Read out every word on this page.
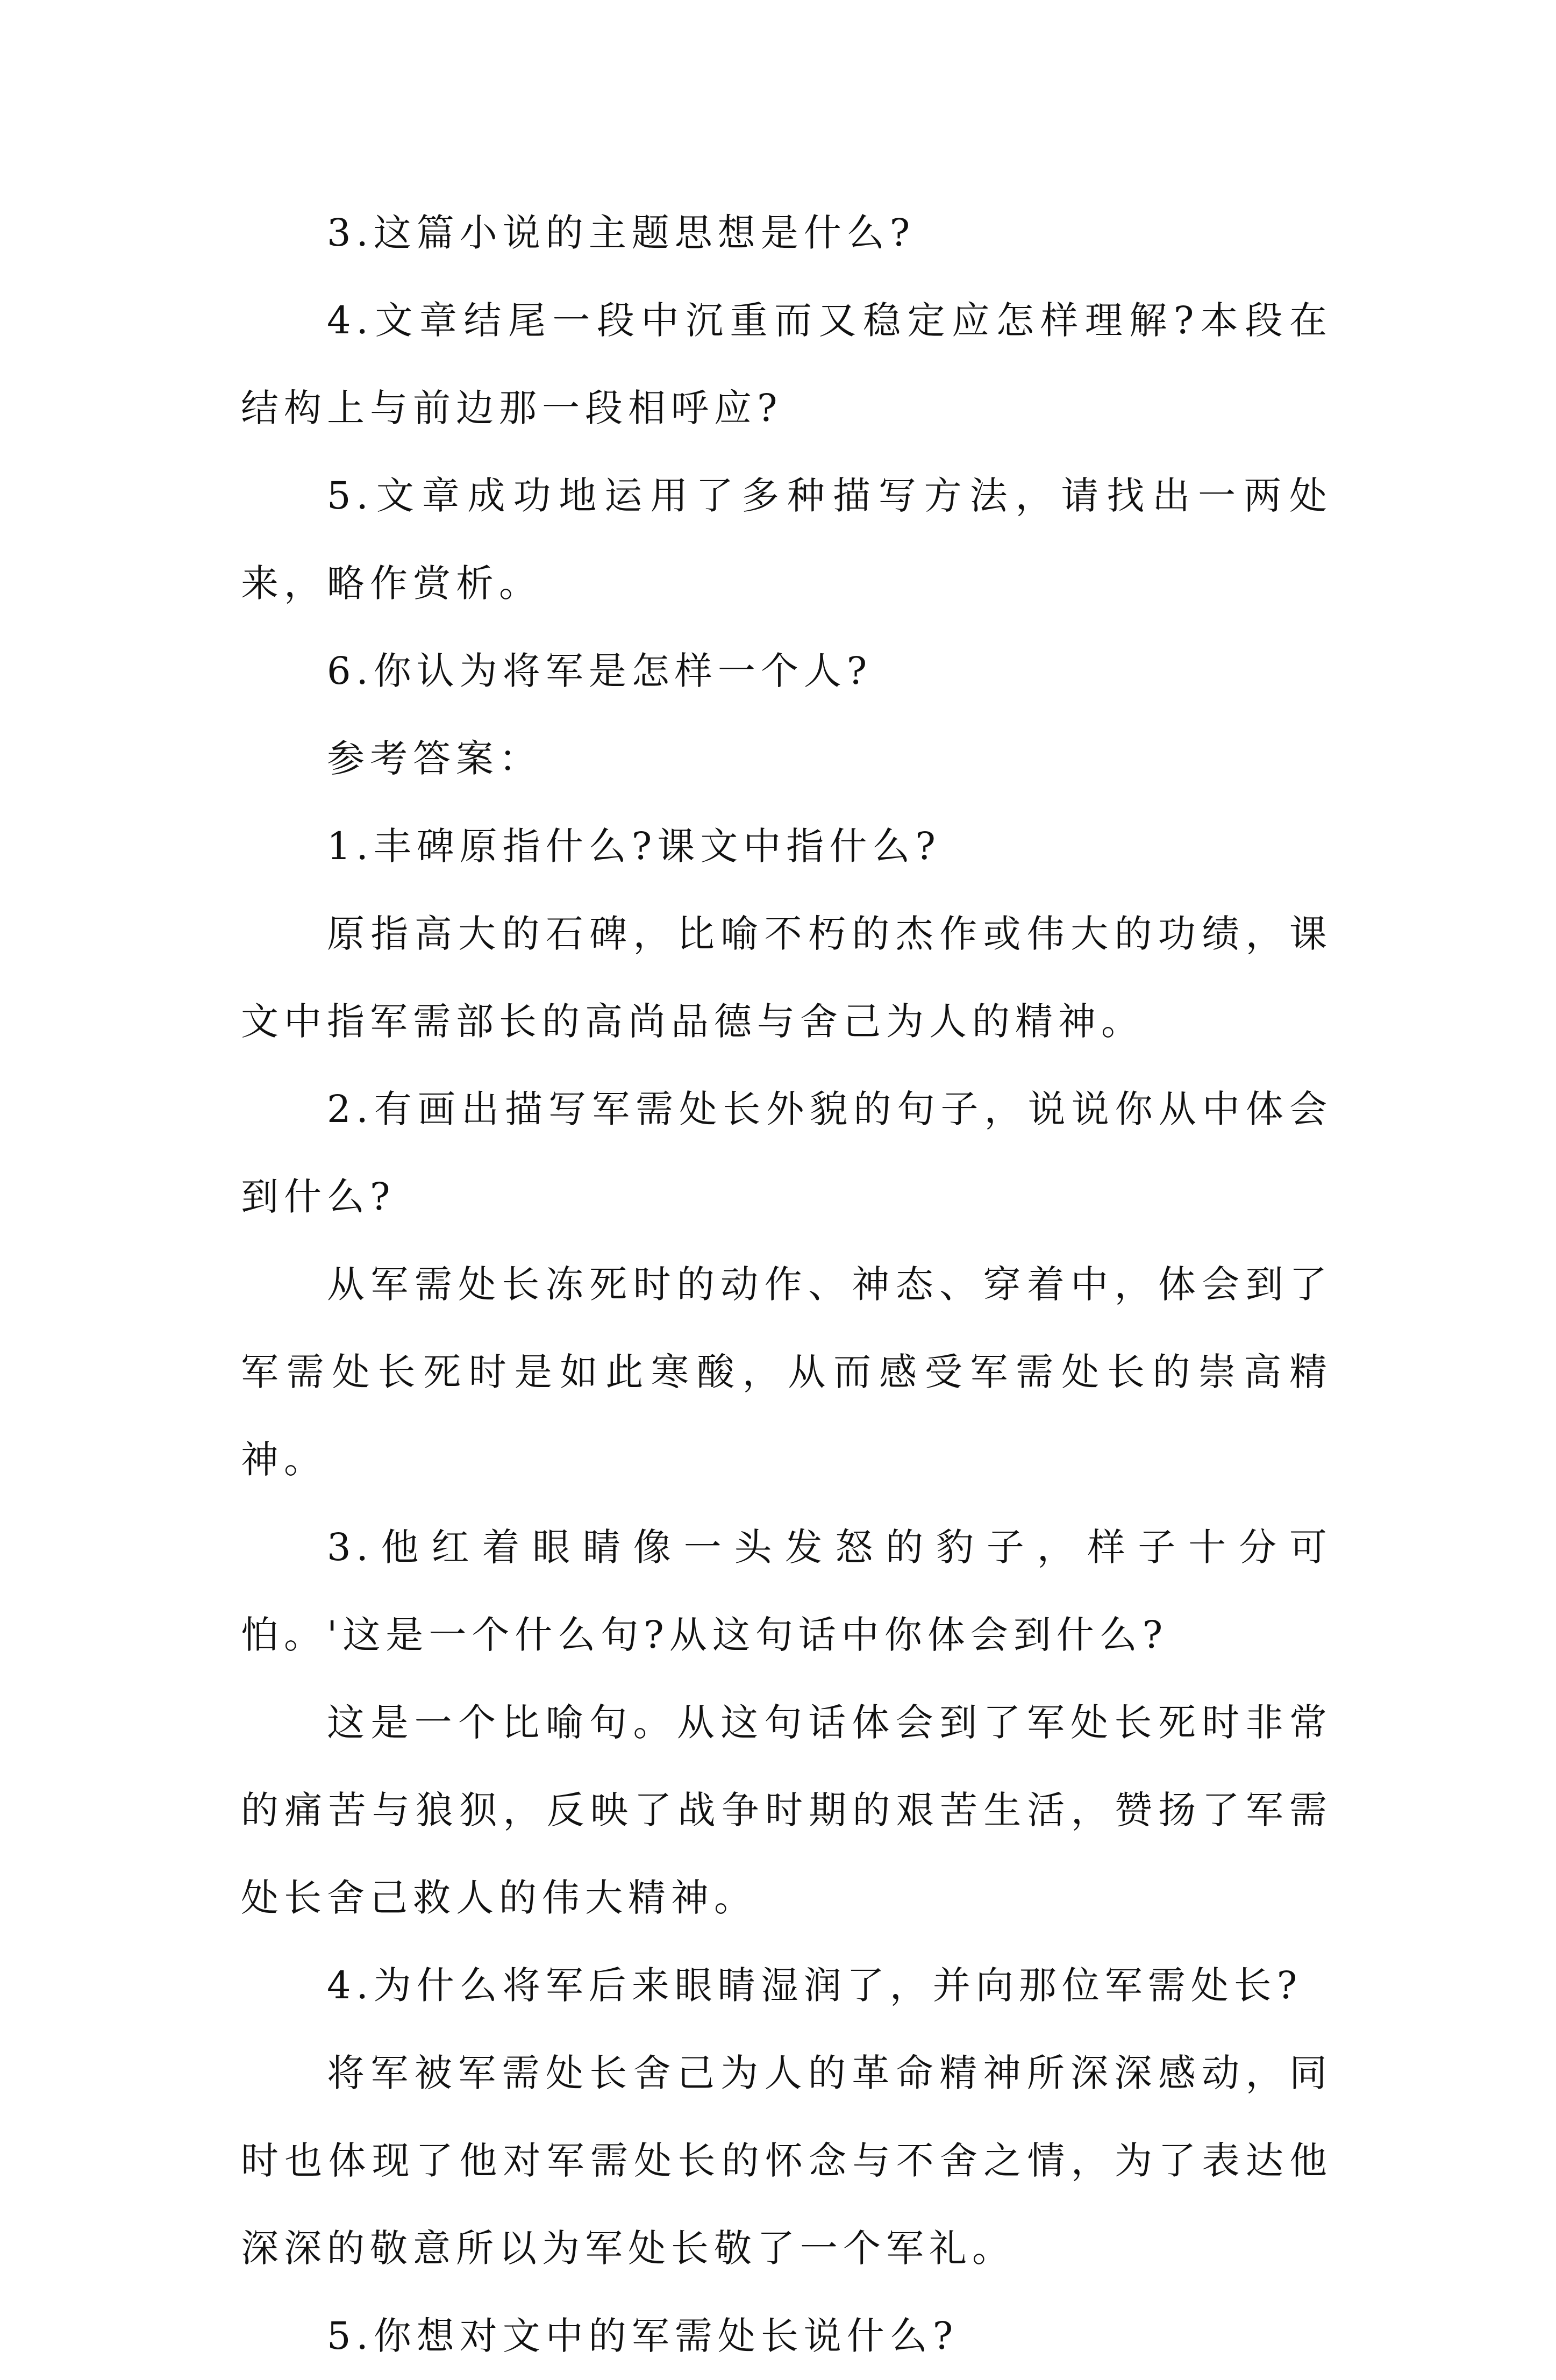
3.这篇小说的主题思想是什么?

4.文章结尾一段中沉重而又稳定应怎样理解?本段在结构上与前边那一段相呼应?

5.文章成功地运用了多种描写方法，请找出一两处来，略作赏析。

6.你认为将军是怎样一个人?

参考答案：

1.丰碑原指什么?课文中指什么?

原指高大的石碑，比喻不朽的杰作或伟大的功绩，课文中指军需部长的高尚品德与舍己为人的精神。

2.有画出描写军需处长外貌的句子，说说你从中体会到什么?

从军需处长冻死时的动作、神态、穿着中，体会到了军需处长死时是如此寒酸，从而感受军需处长的崇高精神。

3.他红着眼睛像一头发怒的豹子，样子十分可怕。'这是一个什么句?从这句话中你体会到什么?

这是一个比喻句。从这句话体会到了军处长死时非常的痛苦与狼狈，反映了战争时期的艰苦生活，赞扬了军需处长舍己救人的伟大精神。

4.为什么将军后来眼睛湿润了，并向那位军需处长?

将军被军需处长舍己为人的革命精神所深深感动，同时也体现了他对军需处长的怀念与不舍之情，为了表达他深深的敬意所以为军处长敬了一个军礼。

5.你想对文中的军需处长说什么?
